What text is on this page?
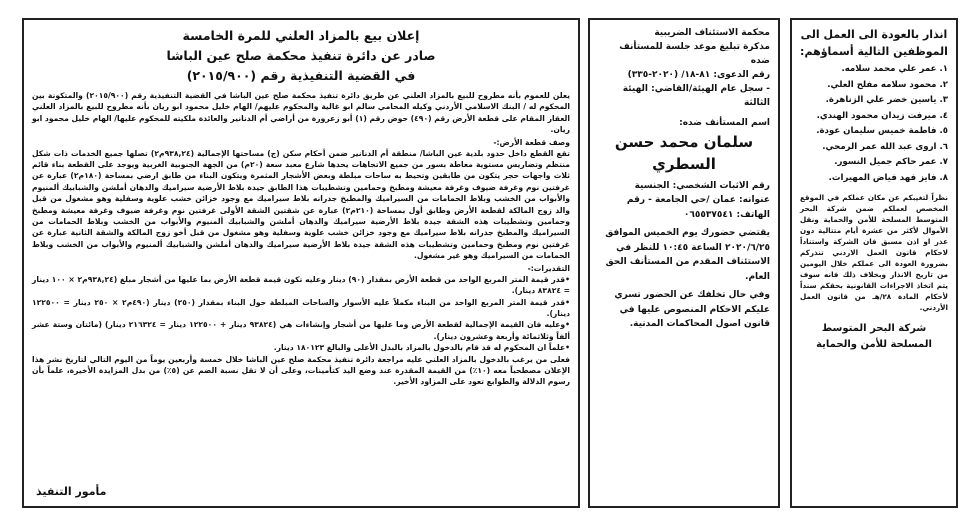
إعلان بيع بالمزاد العلني للمرة الخامسة
صادر عن دائرة تنفيذ محكمة صلح عين الباشا
في القضية التنفيذية رقم (٢٠١٥/٩٠٠)

يعلن للعموم بأنه مطروح للبيع بالمزاد العلني عن طريق دائرة تنفيذ محكمة صلح عين الباشا في القضية التنفيذية رقم (٢٠١٥/٩٠٠) والمتكونة بين المحكوم له / البنك الاسلامي الأردني وكيله المحامي سالم ابو غالية والمحكوم عليهم/ الهام خليل محمود ابو ريان بأنه مطروح للبيع بالمزاد العلني العقار المقام على قطعة الأرض رقم (٤٩٠) حوض رقم (١) أبو زعرورة من أراضي أم الدنانير والعائدة ملكيته للمحكوم عليها/ الهام خليل محمود ابو ريان.

وصف قطعة الأرض:-

تقع القطع داخل حدود بلدية عين الباشا/ منطقة أم الدنانير ضمن أحكام سكن (ج) مساحتها الإجمالية (٩٣٨,٢٤م٢) تصلها جميع الخدمات ذات شكل منتظم وتضاريس مستوية معاطة بسور من جميع الاتجاهات يحدها شارع معبد سعة (٢٠م) من الجهة الجنوبية الغربية ويوجد على القطعة بناء قائم ثلاث واجهات حجر يتكون من طابقين وتحيط به ساحات مبلطة وبعض الأشجار المثمرة ويتكون البناء من طابق ارضي بمساحة (١٨٠م٢) عبارة عن غرفتين نوم وغرفة ضيوف وغرفة معيشة ومطبخ وحمامين وتشطيبات هذا الطابق جيدة بلاط الأرضية سيراميك والدهان أملشن والشبابيك ألمنيوم والأبواب من الخشب وبلاط الحمامات من السيراميك والمطبخ جدرانه بلاط سيراميك مع وجود خزائن خشب علوية وسفلية وهو مشغول من قبل والد زوج المالكة لقطعة الأرض وطابق أول بمساحة (٢١٠م٢) عبارة عن شقتين الشقة الأولى غرفتين نوم وغرفة ضيوف وغرفة معيشة ومطبخ وحمامين وتشطيبات هذه الشقة جيدة بلاط الأرضية سيراميك والدهان أملشن والشبابيك ألمنيوم والأبواب من الخشب وبلاط الحمامات من السيراميك والمطبخ جدرانه بلاط سيراميك مع وجود خزائن خشب علوية وسفلية وهو مشغول من قبل أخو زوج المالكة والشقة الثانية عبارة عن غرفتين نوم ومطبخ وحمامين وتشطيبات هذه الشقة جيدة بلاط الأرضية سيراميك والدهان أملشن والشبابيك ألمنيوم والأبواب من الخشب وبلاط الحمامات من السيراميك وهو غير مشغول.

التقديرات:-

•قدر قيمة المتر المربع الواحد من قطعة الأرض بمقدار (٩٠) دينار وعليه تكون قيمة قطعة الأرض بما عليها من أشجار مبلغ (٩٣٨,٢٤م٢ × ١٠٠ دينار = ٨٣٨٢٤ دينار).

•قدر قيمة المتر المربع الواحد من البناء مكملاً عليه الأسوار والساحات المبلطة حول البناء بمقدار (٢٥٠) دينار (٤٩٠م٢ × ٢٥٠ دينار = ١٢٢٥٠٠ دينار).

•وعليه فان القيمة الإجمالية لقطعة الأرض وما عليها من أشجار وإنشاءات هي (٩٣٨٢٤ دينار + ١٢٢٥٠٠ دينار = ٢١٦٣٢٤ دينار) (مائتان وستة عشر ألفاً وثلاثمائة وأربعة وعشرون دينار).

•علماً ان المحكوم له قد قام بالدخول بالمزاد بالبدل الأعلى والبالغ ١٨٠١٢٣ دينار.

فعلى من يرغب بالدخول بالمزاد العلني عليه مراجعة دائرة تنفيذ محكمة صلح عين الباشا خلال خمسة وأربعين يوماً من اليوم التالي لتاريخ نشر هذا الإعلان مصطحباً معه (١٠٪) من القيمة المقدرة عند وضع اليد كتأمينات، وعلى أن لا تقل نسبة الضم عن (٥٪) من بدل المزايدة الأخيرة، علماً بأن رسوم الدلالة والطوابع تعود على المزاود الأخير.

مأمور التنفيذ

محكمة الاستئناف الضريبية

مذكرة تبليغ موعد جلسة للمستأنف ضده

رقم الدعوى: ٨١-١٨/ (٢٠٢٠-٣٣٥)

- سجل عام الهيئة/القاضي: الهيئة الثالثة

اسم المستأنف ضده:

سلمان محمد حسن السطري

رقم الاثبات الشخصي: الجنسية

عنوانه: عمان /حي الجامعة - رقم الهاتف: ٠٦٥٥٣٧٥٤١

يقتضي حضورك يوم الخميس الموافق ٢٠٢٠/٦/٢٥ الساعة ١٠:٤٥ للنظر في الاستئناف المقدم من المستأنف الحق العام.

وفي حال تخلفك عن الحضور تسري عليكم الاحكام المنصوص عليها في قانون اصول المحاكمات المدنية.

انذار بالعودة الى العمل الى الموظفين التالية أسماؤهم:
١. عمر علي محمد سلامه.
٢. محمود سلامه مفلح العلي.
٣. ياسين خضر علي الزناهرة.
٤. ميرفت زيدان محمود الهندي.
٥. فاطمة خميس سليمان عودة.
٦. اروى عبد الله عمر الرمحي.
٧. عمر حاكم جميل النسور.
٨. فايز فهد فياض المهيرات.

نظراً لتغيبكم عن مكان عملكم في الموقع المخصص لعملكم ضمن شركة البحر المتوسط المسلحة للأمن والحماية ونقل الأموال لأكثر من عشرة أيام متتالية دون عذر او اذن مسبق فان الشركة واستناداً لاحكام قانون العمل الاردني تنذركم بضرورة العودة الى عملكم خلال اليومين من تاريخ الانذار وبخلاف ذلك فانه سوف يتم اتخاذ الاجراءات القانونية بحقكم سنداً لأحكام المادة ٢٨/هـ من قانون العمل الأردني.

شركة البحر المتوسط المسلحة للأمن والحماية
